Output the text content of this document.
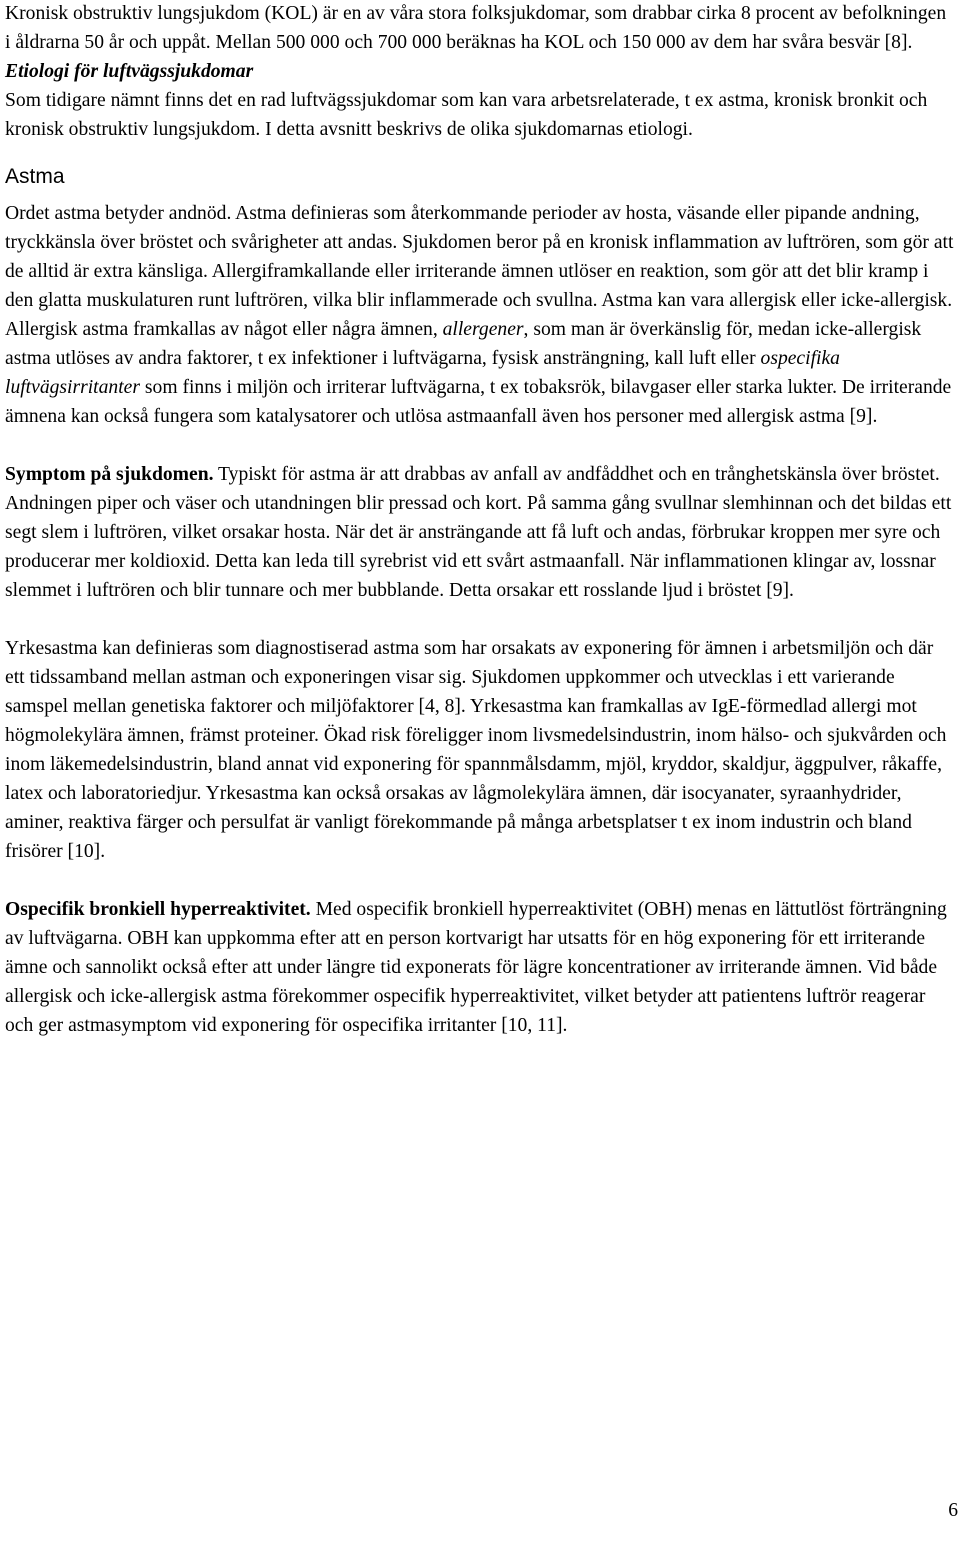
Kronisk obstruktiv lungsjukdom (KOL) är en av våra stora folksjukdomar, som drabbar cirka 8 procent av befolkningen i åldrarna 50 år och uppåt. Mellan 500 000 och 700 000 beräknas ha KOL och 150 000 av dem har svåra besvär [8].

Etiologi för luftvägssjukdomar

Som tidigare nämnt finns det en rad luftvägssjukdomar som kan vara arbetsrelaterade, t ex astma, kronisk bronkit och kronisk obstruktiv lungsjukdom. I detta avsnitt beskrivs de olika sjukdomarnas etiologi.

Astma

Ordet astma betyder andnöd. Astma definieras som återkommande perioder av hosta, väsande eller pipande andning, tryckkänsla över bröstet och svårigheter att andas. Sjukdomen beror på en kronisk inflammation av luftrören, som gör att de alltid är extra känsliga. Allergiframkallande eller irriterande ämnen utlöser en reaktion, som gör att det blir kramp i den glatta muskulaturen runt luftrören, vilka blir inflammerade och svullna. Astma kan vara allergisk eller icke-allergisk. Allergisk astma framkallas av något eller några ämnen, allergener, som man är överkänslig för, medan icke-allergisk astma utlöses av andra faktorer, t ex infektioner i luftvägarna, fysisk ansträngning, kall luft eller ospecifika luftvägsirritanter som finns i miljön och irriterar luftvägarna, t ex tobaksrök, bilavgaser eller starka lukter. De irriterande ämnena kan också fungera som katalysatorer och utlösa astmaanfall även hos personer med allergisk astma [9].

Symptom på sjukdomen. Typiskt för astma är att drabbas av anfall av andfåddhet och en trånghetskänsla över bröstet. Andningen piper och väser och utandningen blir pressad och kort. På samma gång svullnar slemhinnan och det bildas ett segt slem i luftrören, vilket orsakar hosta. När det är ansträngande att få luft och andas, förbrukar kroppen mer syre och producerar mer koldioxid. Detta kan leda till syrebrist vid ett svårt astmaanfall. När inflammationen klingar av, lossnar slemmet i luftrören och blir tunnare och mer bubblande. Detta orsakar ett rosslande ljud i bröstet [9].

Yrkesastma kan definieras som diagnostiserad astma som har orsakats av exponering för ämnen i arbetsmiljön och där ett tidssamband mellan astman och exponeringen visar sig. Sjukdomen uppkommer och utvecklas i ett varierande samspel mellan genetiska faktorer och miljöfaktorer [4, 8]. Yrkesastma kan framkallas av IgE-förmedlad allergi mot högmolekylära ämnen, främst proteiner. Ökad risk föreligger inom livsmedelsindustrin, inom hälso- och sjukvården och inom läkemedelsindustrin, bland annat vid exponering för spannmålsdamm, mjöl, kryddor, skaldjur, äggpulver, råkaffe, latex och laboratoriedjur. Yrkesastma kan också orsakas av lågmolekylära ämnen, där isocyanater, syraanhydrider, aminer, reaktiva färger och persulfat är vanligt förekommande på många arbetsplatser t ex inom industrin och bland frisörer [10].

Ospecifik bronkiell hyperreaktivitet. Med ospecifik bronkiell hyperreaktivitet (OBH) menas en lättutlöst förträngning av luftvägarna. OBH kan uppkomma efter att en person kortvarigt har utsatts för en hög exponering för ett irriterande ämne och sannolikt också efter att under längre tid exponerats för lägre koncentrationer av irriterande ämnen. Vid både allergisk och icke-allergisk astma förekommer ospecifik hyperreaktivitet, vilket betyder att patientens luftrör reagerar och ger astmasymptom vid exponering för ospecifika irritanter [10, 11].

6
